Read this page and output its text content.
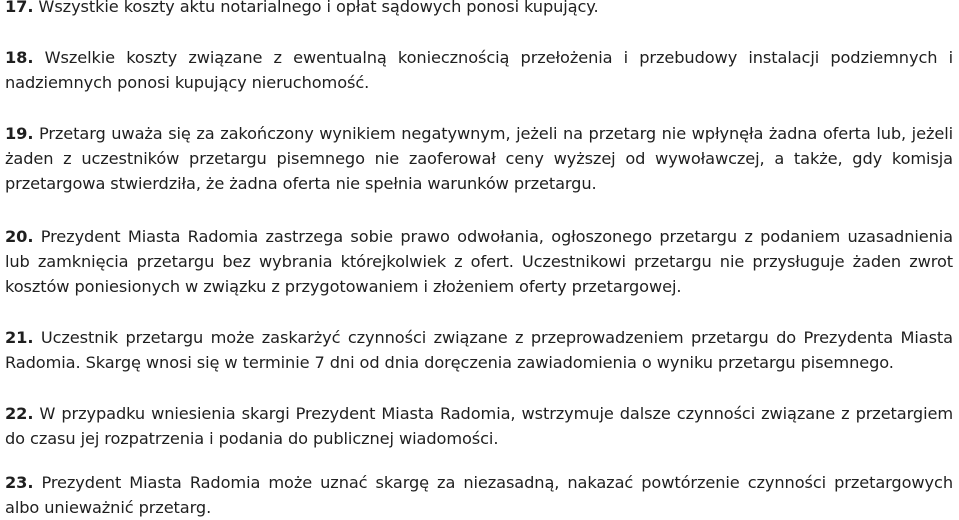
17. Wszystkie koszty aktu notarialnego i opłat sądowych ponosi kupujący.

18. Wszelkie koszty związane z ewentualną koniecznością przełożenia i przebudowy instalacji podziemnych i nadziemnych ponosi kupujący nieruchomość.

19. Przetarg uważa się za zakończony wynikiem negatywnym, jeżeli na przetarg nie wpłynęła żadna oferta lub, jeżeli żaden z uczestników przetargu pisemnego nie zaoferował ceny wyższej od wywoławczej, a także, gdy komisja przetargowa stwierdziła, że żadna oferta nie spełnia warunków przetargu.

20. Prezydent Miasta Radomia zastrzega sobie prawo odwołania, ogłoszonego przetargu z podaniem uzasadnienia lub zamknięcia przetargu bez wybrania którejkolwiek z ofert. Uczestnikowi przetargu nie przysługuje żaden zwrot kosztów poniesionych w związku z przygotowaniem i złożeniem oferty przetargowej.

21. Uczestnik przetargu może zaskarżyć czynności związane z przeprowadzeniem przetargu do Prezydenta Miasta Radomia. Skargę wnosi się w terminie 7 dni od dnia doręczenia zawiadomienia o wyniku przetargu pisemnego.

22. W przypadku wniesienia skargi Prezydent Miasta Radomia, wstrzymuje dalsze czynności związane z przetargiem do czasu jej rozpatrzenia i podania do publicznej wiadomości.

23. Prezydent Miasta Radomia może uznać skargę za niezasadną, nakazać powtórzenie czynności przetargowych albo unieważnić przetarg.
